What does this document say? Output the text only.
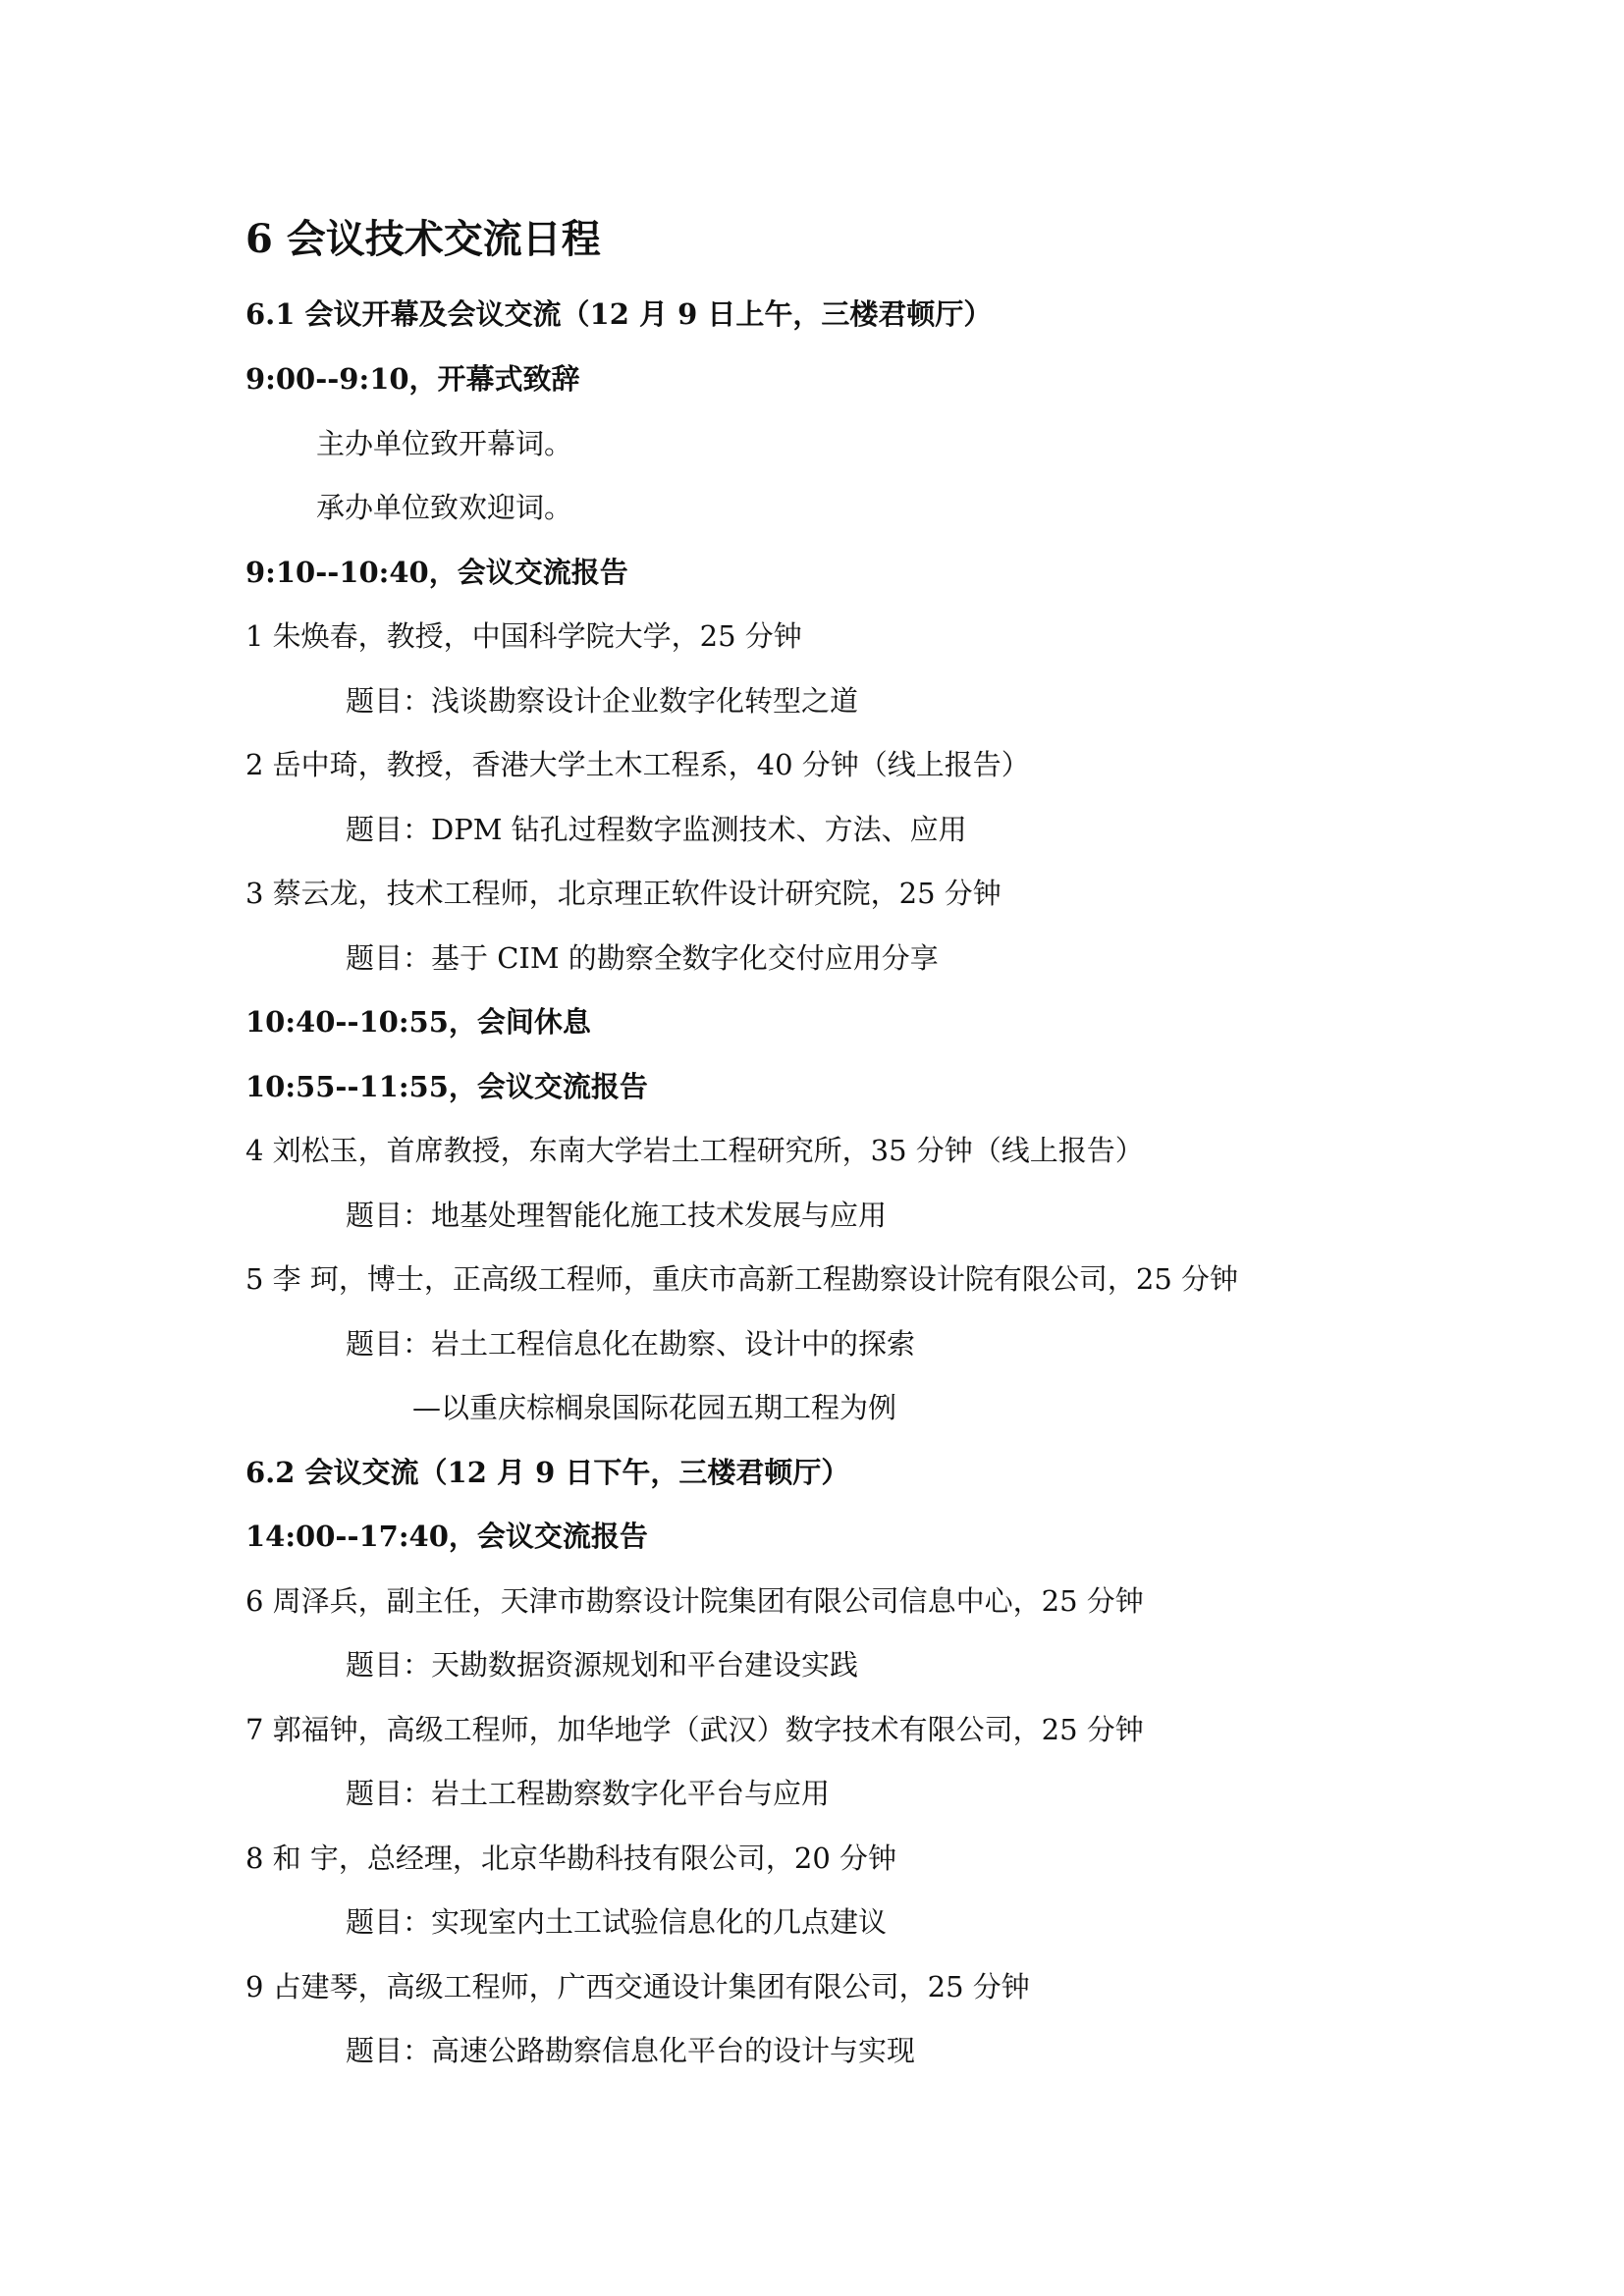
6 会议技术交流日程
6.1 会议开幕及会议交流（12 月 9 日上午，三楼君顿厅）
9:00--9:10，开幕式致辞
主办单位致开幕词。
承办单位致欢迎词。
9:10--10:40，会议交流报告
1 朱焕春，教授，中国科学院大学，25 分钟
题目：浅谈勘察设计企业数字化转型之道
2 岳中琦，教授，香港大学土木工程系，40 分钟（线上报告）
题目：DPM 钻孔过程数字监测技术、方法、应用
3 蔡云龙，技术工程师，北京理正软件设计研究院，25 分钟
题目：基于 CIM 的勘察全数字化交付应用分享
10:40--10:55，会间休息
10:55--11:55，会议交流报告
4 刘松玉，首席教授，东南大学岩土工程研究所，35 分钟（线上报告）
题目：地基处理智能化施工技术发展与应用
5 李 珂，博士，正高级工程师，重庆市高新工程勘察设计院有限公司，25 分钟
题目：岩土工程信息化在勘察、设计中的探索
—以重庆棕榈泉国际花园五期工程为例
6.2 会议交流（12 月 9 日下午，三楼君顿厅）
14:00--17:40，会议交流报告
6 周泽兵，副主任，天津市勘察设计院集团有限公司信息中心，25 分钟
题目：天勘数据资源规划和平台建设实践
7 郭福钟，高级工程师，加华地学（武汉）数字技术有限公司，25 分钟
题目：岩土工程勘察数字化平台与应用
8 和 宇，总经理，北京华勘科技有限公司，20 分钟
题目：实现室内土工试验信息化的几点建议
9 占建琴，高级工程师，广西交通设计集团有限公司，25 分钟
题目：高速公路勘察信息化平台的设计与实现
